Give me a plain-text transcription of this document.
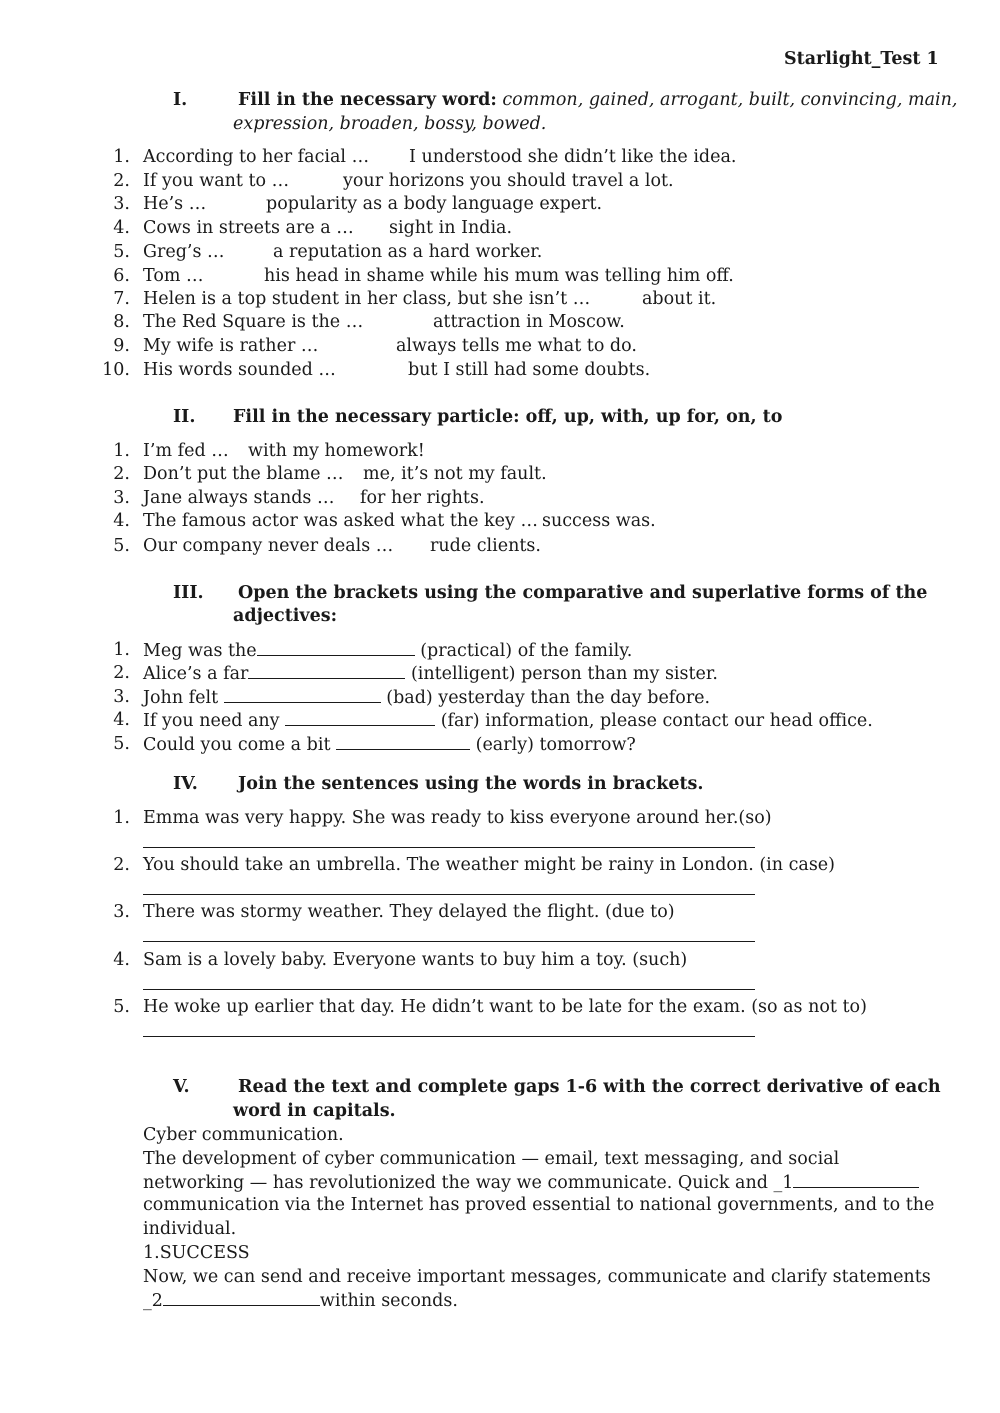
Starlight_Test 1
I.	Fill in the necessary word: common, gained, arrogant, built, convincing, main,
expression, broaden, bossy, bowed.
1. According to her facial … I understood she didn’t like the idea.
2. If you want to …	your horizons you should travel a lot.
3. He’s …	popularity as a body language expert.
4. Cows in streets are a … sight in India.
5. Greg’s …	a reputation as a hard worker.
6. Tom …	his head in shame while his mum was telling him off.
7. Helen is a top student in her class, but she isn’t …	about it.
8. The Red Square is the …	attraction in Moscow.
9. My wife is rather …	always tells me what to do.
10. His words sounded …	but I still had some doubts.
II. Fill in the necessary particle: off, up, with, up for, on, to
1. I’m fed … with my homework!
2. Don’t put the blame … me, it’s not my fault.
3. Jane always stands … for her rights.
4. The famous actor was asked what the key … success was.
5. Our company never deals … rude clients.
III. Open the brackets using the comparative and superlative forms of the
adjectives:
Meg was the	(practical) of the family.
1.
Alice’s a far	(intelligent) person than my sister.
2.
John felt	(bad) yesterday than the day before.
3.
If you need any	(far) information, please contact our head office.
4.
Could you come a bit	(early) tomorrow?
5.
IV. Join the sentences using the words in brackets.
1. Emma was very happy. She was ready to kiss everyone around her.(so)
2. You should take an umbrella. The weather might be rainy in London. (in case)
3. There was stormy weather. They delayed the flight. (due to)
4. Sam is a lovely baby. Everyone wants to buy him a toy. (such)
5. He woke up earlier that day. He didn’t want to be late for the exam. (so as not to)
V.	Read the text and complete gaps 1-6 with the correct derivative of each
word in capitals.
Cyber communication.
The development of cyber communication — email, text messaging, and social
networking — has revolutionized the way we communicate. Quick and _1
communication via the Internet has proved essential to national governments, and to the
individual.
1.SUCCESS
Now, we can send and receive important messages, communicate and clarify statements
_2	within seconds.
